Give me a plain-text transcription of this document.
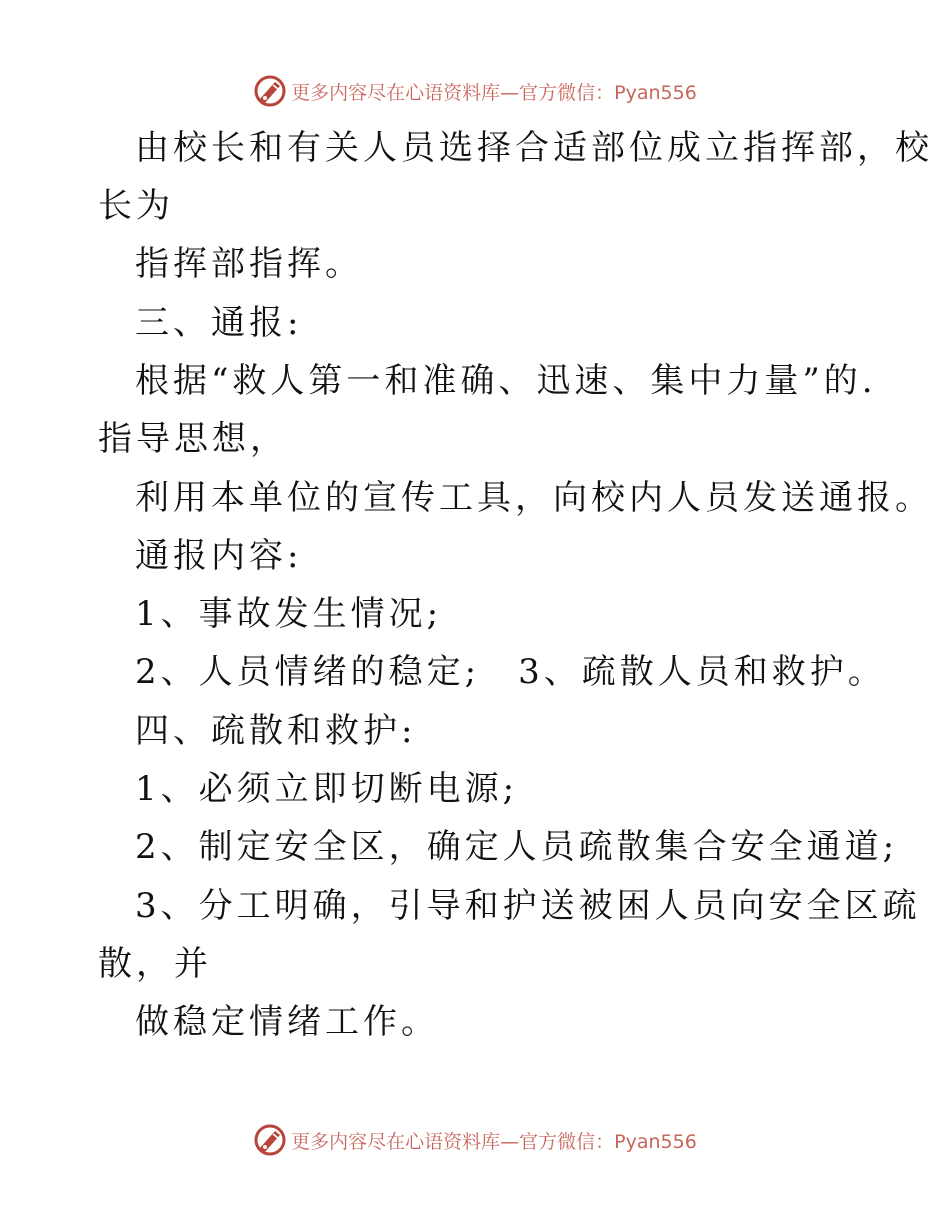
更多内容尽在心语资料库—官方微信：Pyan556
由校长和有关人员选择合适部位成立指挥部，校
长为
指挥部指挥。
三、通报:
根据“救人第一和准确、迅速、集中力量”的.
指导思想，
利用本单位的宣传工具，向校内人员发送通报。
通报内容:
1、事故发生情况;
2、人员情绪的稳定;　3、疏散人员和救护。
四、疏散和救护:
1、必须立即切断电源;
2、制定安全区，确定人员疏散集合安全通道;
3、分工明确，引导和护送被困人员向安全区疏
散，并
做稳定情绪工作。
更多内容尽在心语资料库—官方微信：Pyan556
